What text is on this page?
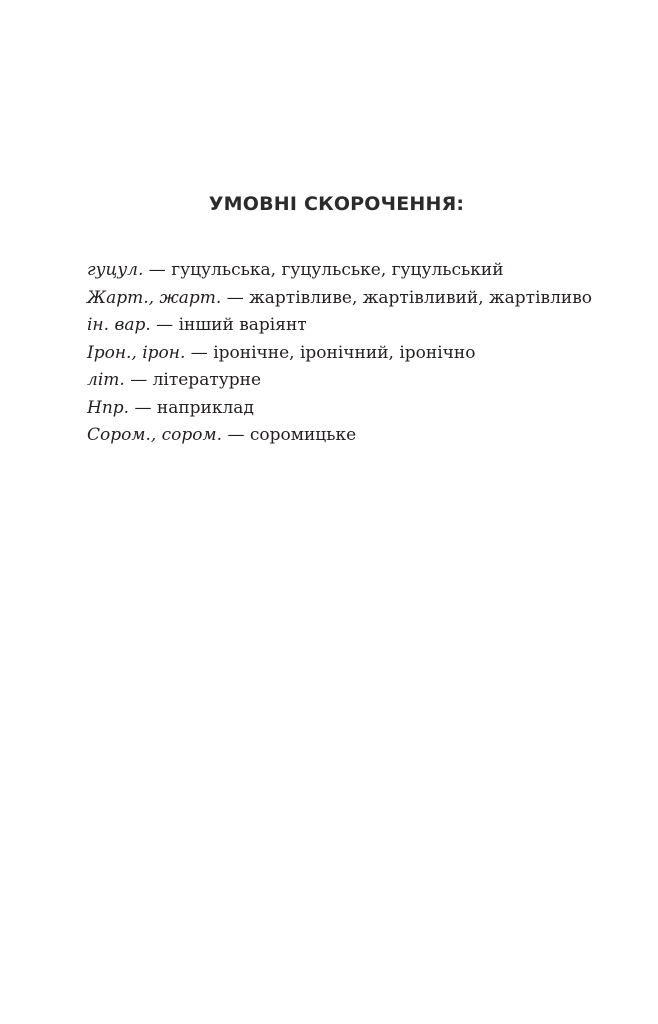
УМОВНІ СКОРОЧЕННЯ:
гуцул. — гуцульська, гуцульське, гуцульський
Жарт., жарт. — жартівливе, жартівливий, жартівливо
ін. вар. — інший варіянт
Ірон., ірон. — іронічне, іронічний, іронічно
літ. — літературне
Нпр. — наприклад
Сором., сором. — соромицьке
